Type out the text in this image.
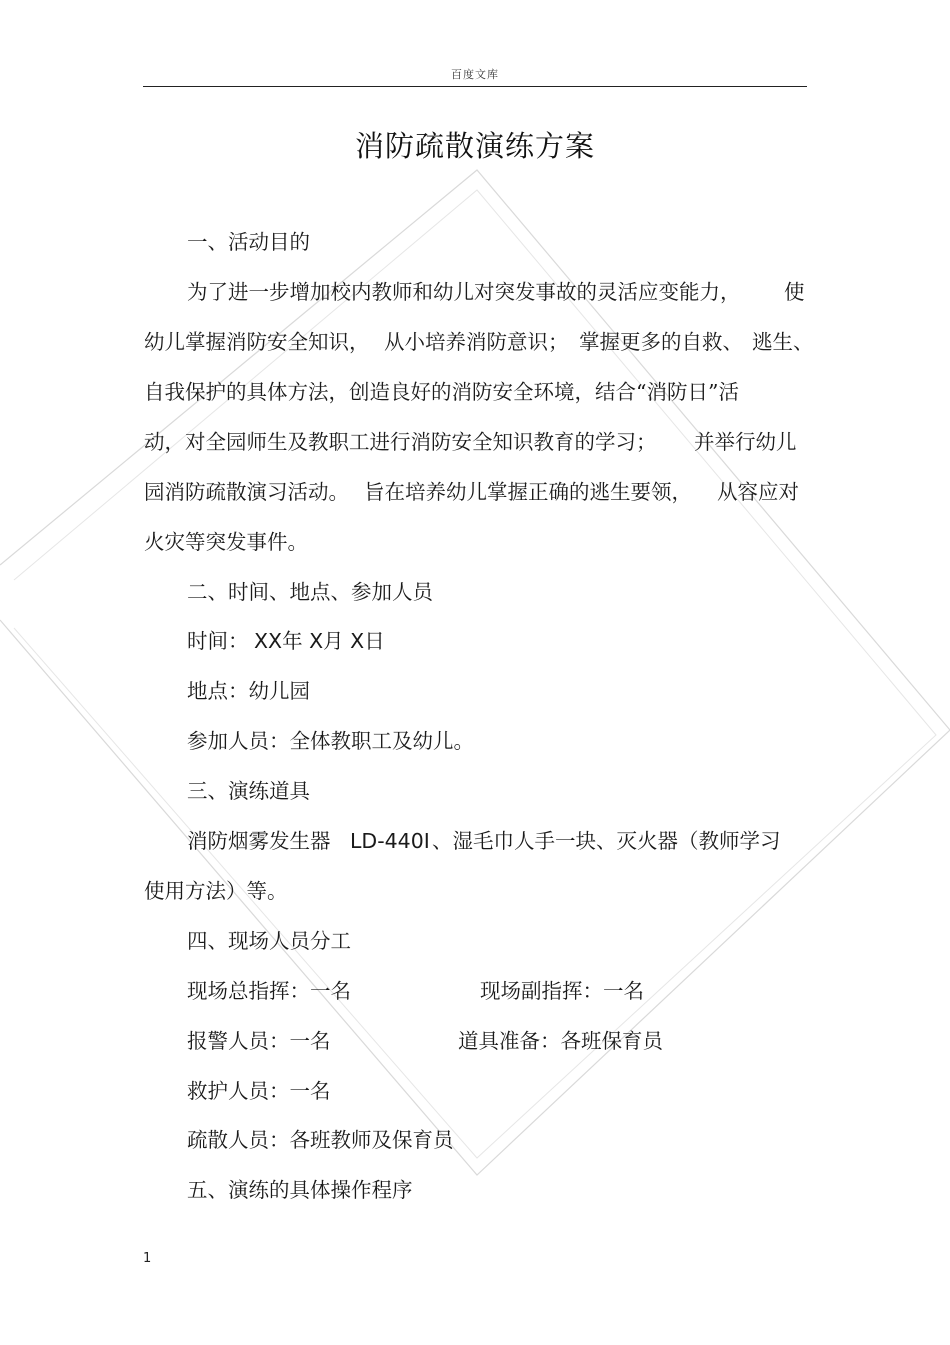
百度文库
消防疏散演练方案
一、活动目的
为了进一步增加校内教师和幼儿对突发事故的灵活应变能力， 使
幼儿掌握消防安全知识， 从小培养消防意识； 掌握更多的自救、 逃生、
自我保护的具体方法，创造良好的消防安全环境，结合“消防日”活
动，对全园师生及教职工进行消防安全知识教育的学习； 并举行幼儿
园消防疏散演习活动。 旨在培养幼儿掌握正确的逃生要领， 从容应对
火灾等突发事件。
二、时间、地点、参加人员
时间： XX年 X月 X日
地点：幼儿园
参加人员：全体教职工及幼儿。
三、演练道具
消防烟雾发生器 LD-440I 、湿毛巾人手一块、灭火器（教师学习
使用方法）等。
四、现场人员分工
现场总指挥：一名	现场副指挥：一名
报警人员：一名	道具准备：各班保育员
救护人员：一名
疏散人员：各班教师及保育员
五、演练的具体操作程序
1
